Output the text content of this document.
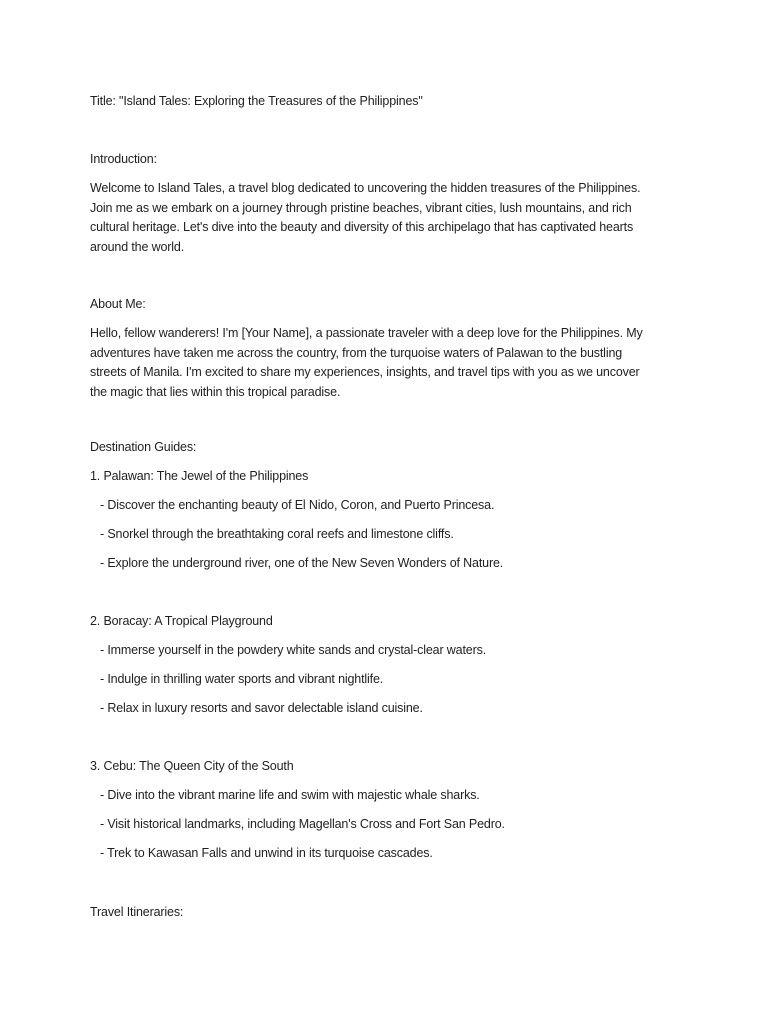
Title: "Island Tales: Exploring the Treasures of the Philippines"
Introduction:
Welcome to Island Tales, a travel blog dedicated to uncovering the hidden treasures of the Philippines.
Join me as we embark on a journey through pristine beaches, vibrant cities, lush mountains, and rich
cultural heritage. Let's dive into the beauty and diversity of this archipelago that has captivated hearts
around the world.
About Me:
Hello, fellow wanderers! I'm [Your Name], a passionate traveler with a deep love for the Philippines. My
adventures have taken me across the country, from the turquoise waters of Palawan to the bustling
streets of Manila. I'm excited to share my experiences, insights, and travel tips with you as we uncover
the magic that lies within this tropical paradise.
Destination Guides:
1. Palawan: The Jewel of the Philippines
- Discover the enchanting beauty of El Nido, Coron, and Puerto Princesa.
- Snorkel through the breathtaking coral reefs and limestone cliffs.
- Explore the underground river, one of the New Seven Wonders of Nature.
2. Boracay: A Tropical Playground
- Immerse yourself in the powdery white sands and crystal-clear waters.
- Indulge in thrilling water sports and vibrant nightlife.
- Relax in luxury resorts and savor delectable island cuisine.
3. Cebu: The Queen City of the South
- Dive into the vibrant marine life and swim with majestic whale sharks.
- Visit historical landmarks, including Magellan's Cross and Fort San Pedro.
- Trek to Kawasan Falls and unwind in its turquoise cascades.
Travel Itineraries:
